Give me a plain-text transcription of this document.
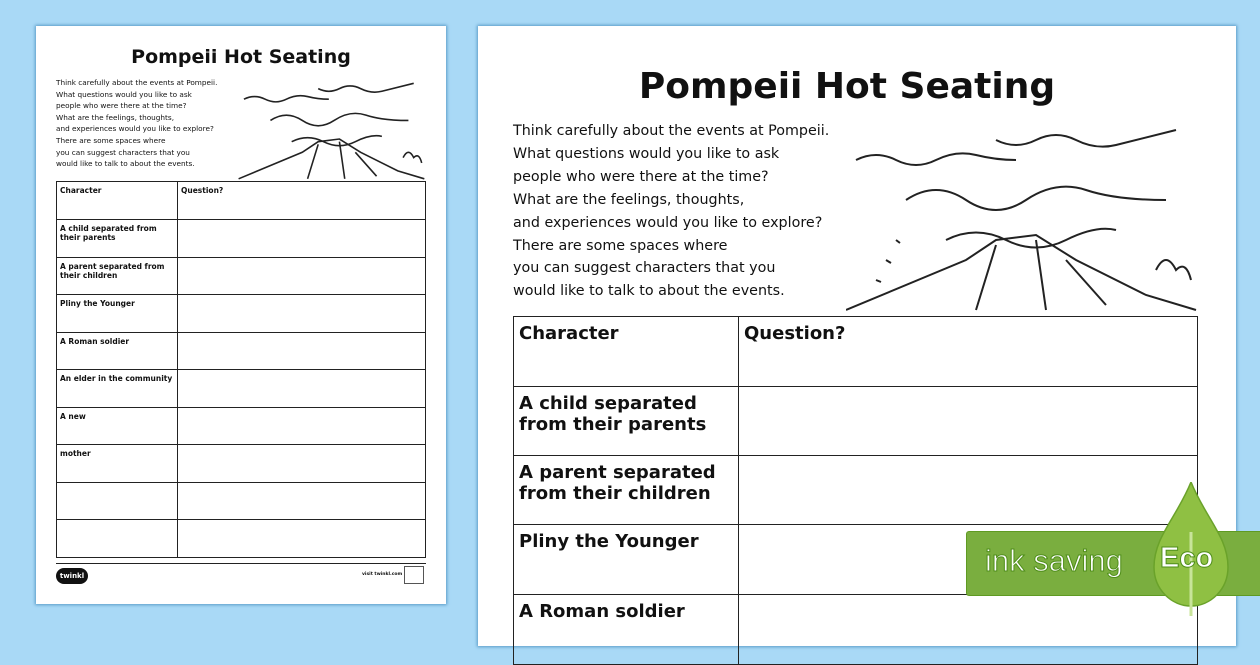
Pompeii Hot Seating
Think carefully about the events at Pompeii.
What questions would you like to ask
people who were there at the time?
What are the feelings, thoughts,
and experiences would you like to explore?
There are some spaces where
you can suggest characters that you
would like to talk to about the events.
Character	Question?
A child separated from their parents	
A parent separated from their children	
Pliny the Younger	
A Roman soldier	
An elder in the community	
A new	
mother	

twinkl	visit twinkl.com
Pompeii Hot Seating
Think carefully about the events at Pompeii.
What questions would you like to ask
people who were there at the time?
What are the feelings, thoughts,
and experiences would you like to explore?
There are some spaces where
you can suggest characters that you
would like to talk to about the events.
Character	Question?
A child separated from their parents	
A parent separated from their children	
Pliny the Younger	
A Roman soldier	
ink saving Eco
